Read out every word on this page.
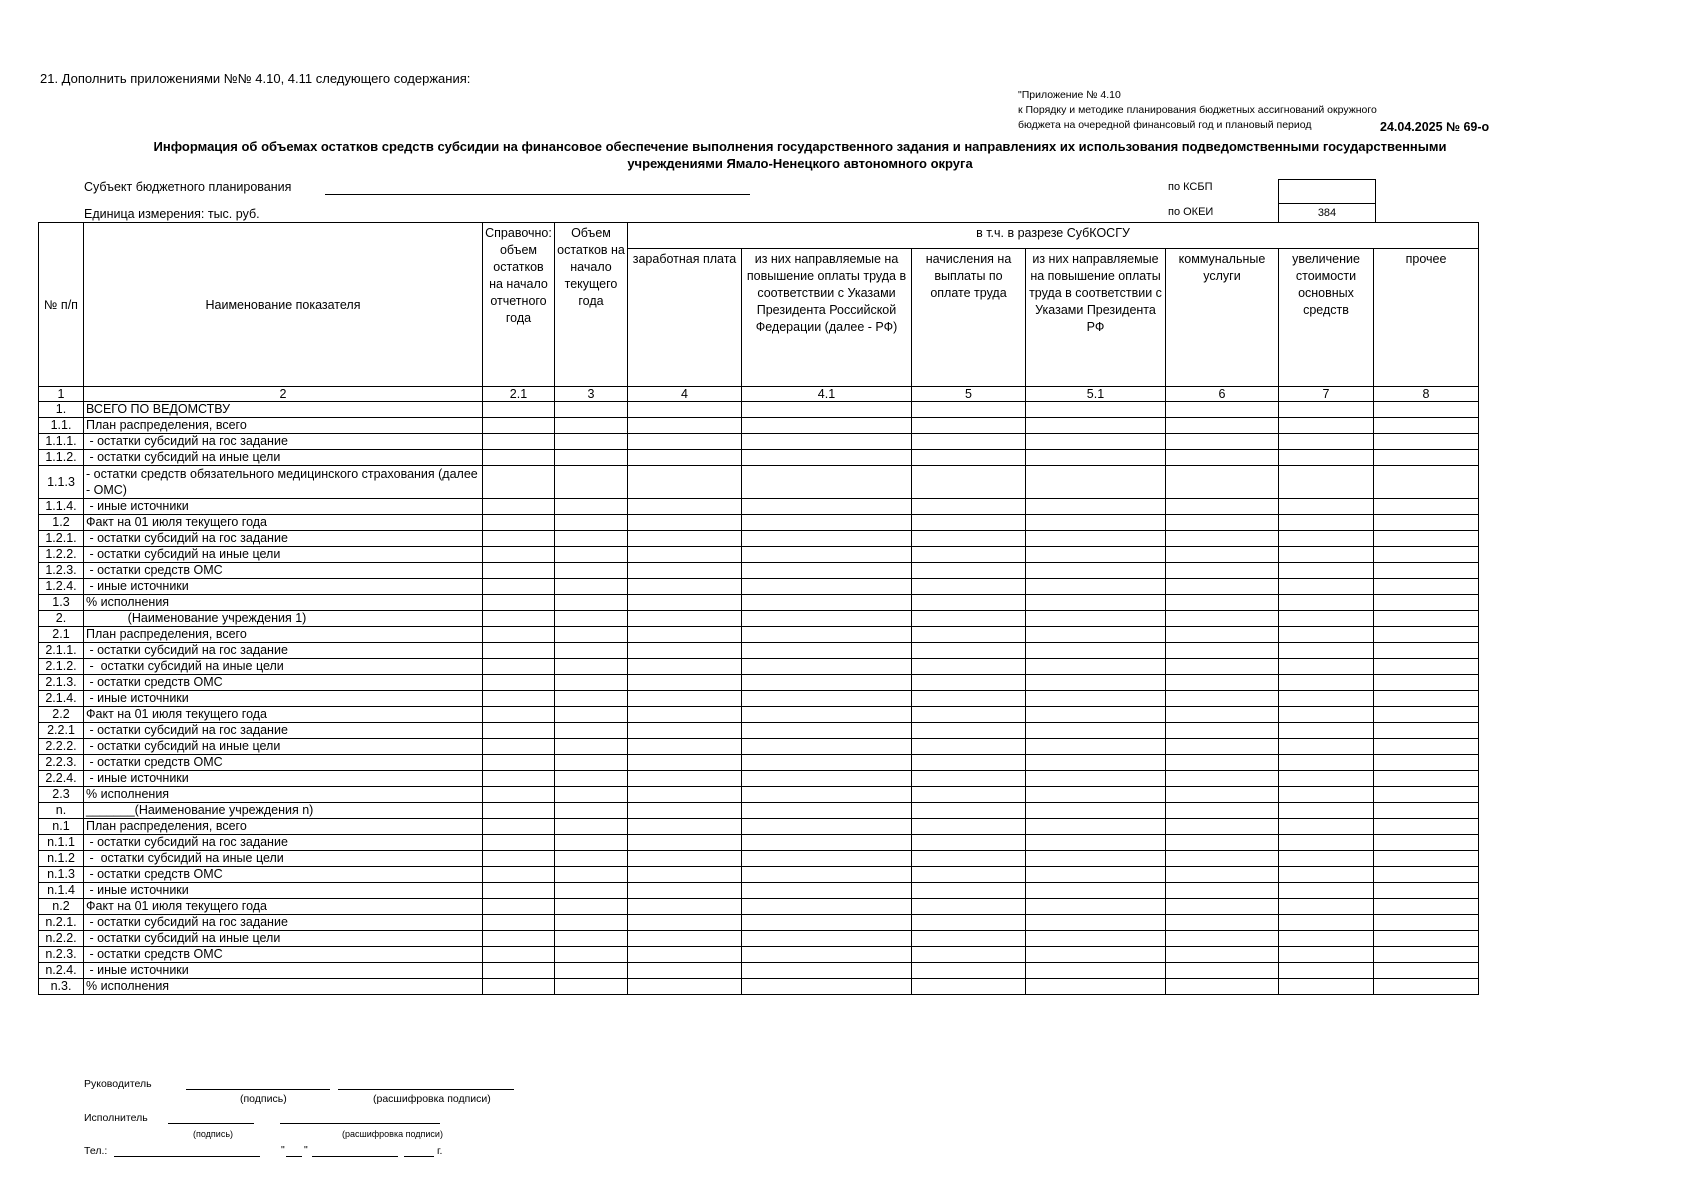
21. Дополнить приложениями №№ 4.10, 4.11 следующего содержания:
"Приложение № 4.10
к Порядку и методике планирования бюджетных ассигнований окружного
бюджета на очередной финансовый год и плановый период	24.04.2025 № 69-о
Информация об объемах остатков средств субсидии на финансовое обеспечение выполнения государственного задания и направлениях их использования подведомственными государственными учреждениями Ямало-Ненецкого автономного округа
Субъект бюджетного планирования
Единица измерения: тыс. руб.
по КСБП
по ОКЕИ	384
№ п/п	Наименование показателя	Справочно: объем остатков на начало отчетного года	Объем остатков на начало текущего года	в т.ч. в разрезе СубКОСГУ						
				заработная плата	из них направляемые на повышение оплаты труда в соответствии с Указами Президента Российской Федерации (далее - РФ)	начисления на выплаты по оплате труда	из них направляемые на повышение оплаты труда в соответствии с Указами Президента РФ	коммунальные услуги	увеличение стоимости основных средств	прочее
1	2	2.1	3	4	4.1	5	5.1	6	7	8
1.	ВСЕГО ПО ВЕДОМСТВУ									
1.1.	План распределения, всего									
1.1.1.	- остатки субсидий на гос задание									
1.1.2.	- остатки субсидий на иные цели									
1.1.3	- остатки средств обязательного медицинского страхования (далее - ОМС)									
1.1.4.	- иные источники									
1.2	Факт на 01 июля текущего года									
1.2.1.	- остатки субсидий на гос задание									
1.2.2.	- остатки субсидий на иные цели									
1.2.3.	- остатки средств ОМС									
1.2.4.	- иные источники									
1.3	% исполнения									
2.	(Наименование учреждения 1)									
2.1	План распределения, всего									
2.1.1.	- остатки субсидий на гос задание									
2.1.2.	-  остатки субсидий на иные цели									
2.1.3.	- остатки средств ОМС									
2.1.4.	- иные источники									
2.2	Факт на 01 июля текущего года									
2.2.1	- остатки субсидий на гос задание									
2.2.2.	- остатки субсидий на иные цели									
2.2.3.	- остатки средств ОМС									
2.2.4.	- иные источники									
2.3	% исполнения									
n.	_______(Наименование учреждения n)									
n.1	План распределения, всего									
n.1.1	- остатки субсидий на гос задание									
n.1.2	-  остатки субсидий на иные цели									
n.1.3	- остатки средств ОМС									
n.1.4	- иные источники									
n.2	Факт на 01 июля текущего года									
n.2.1.	- остатки субсидий на гос задание									
n.2.2.	- остатки субсидий на иные цели									
n.2.3.	- остатки средств ОМС									
n.2.4.	- иные источники									
n.3.	% исполнения									
Руководитель
(подпись)	(расшифровка подписи)
Исполнитель
(подпись)	(расшифровка подписи)
Тел.:	" "	г.
